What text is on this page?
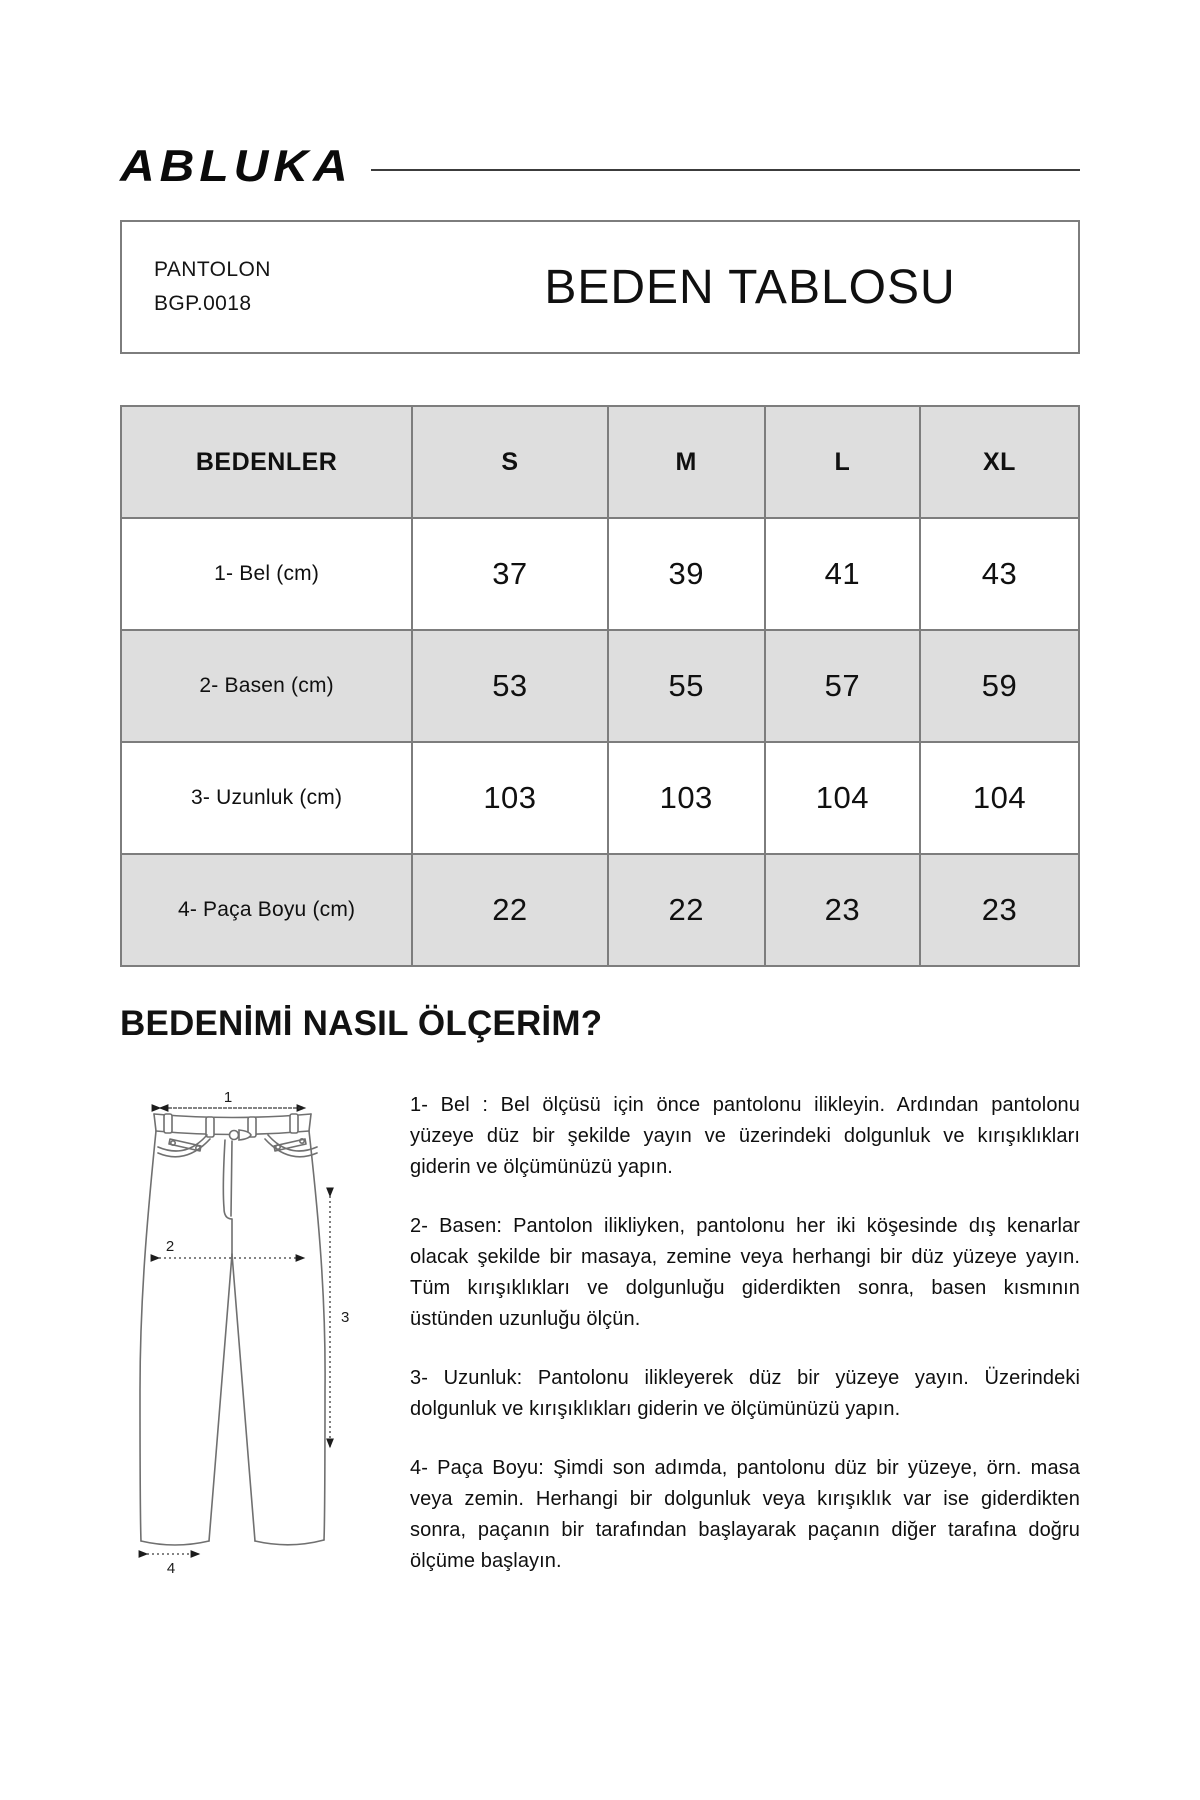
ABLUKA
PANTOLON
BGP.0018	BEDEN TABLOSU
BEDENLER	S	M	L	XL
1- Bel (cm)	37	39	41	43
2- Basen (cm)	53	55	57	59
3- Uzunluk (cm)	103	103	104	104
4- Paça Boyu (cm)	22	22	23	23
BEDENİMİ NASIL ÖLÇERİM?
1
2
3
4

1- Bel : Bel ölçüsü için önce pantolonu ilikleyin. Ardından pantolonu yüzeye düz bir şekilde yayın ve üzerindeki dolgunluk ve kırışıklıkları giderin ve ölçümünüzü yapın.

2- Basen: Pantolon ilikliyken, pantolonu her iki köşesinde dış kenarlar olacak şekilde bir masaya, zemine veya herhangi bir düz yüzeye yayın. Tüm kırışıklıkları ve dolgunluğu giderdikten sonra, basen kısmının üstünden uzunluğu ölçün.

3- Uzunluk: Pantolonu ilikleyerek düz bir yüzeye yayın. Üzerindeki dolgunluk ve kırışıklıkları giderin ve ölçümünüzü yapın.

4- Paça Boyu: Şimdi son adımda, pantolonu düz bir yüzeye, örn. masa veya zemin. Herhangi bir dolgunluk veya kırışıklık var ise giderdikten sonra, paçanın bir tarafından başlayarak paçanın diğer tarafına doğru ölçüme başlayın.
